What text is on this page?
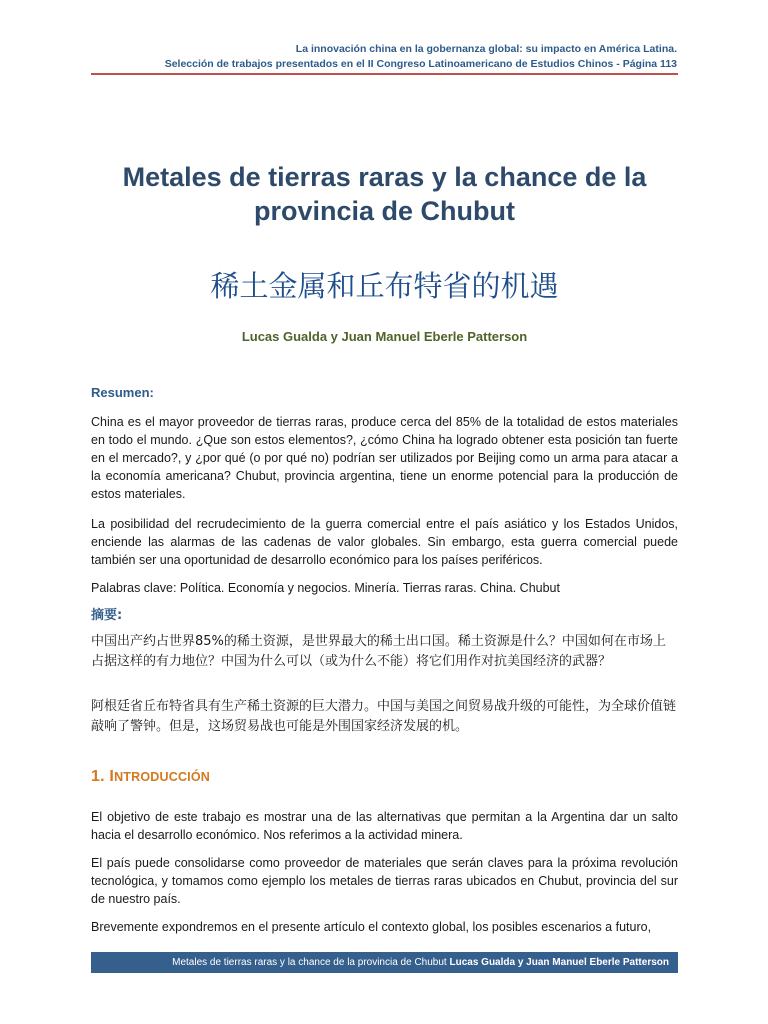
La innovación china en la gobernanza global: su impacto en América Latina.
Selección de trabajos presentados en el II Congreso Latinoamericano de Estudios Chinos - Página 113
Metales de tierras raras y la chance de la
provincia de Chubut
稀土金属和丘布特省的机遇
Lucas Gualda y Juan Manuel Eberle Patterson
Resumen:
China es el mayor proveedor de tierras raras, produce cerca del 85% de la totalidad de estos materiales en todo el mundo. ¿Que son estos elementos?, ¿cómo China ha logrado obtener esta posición tan fuerte en el mercado?, y ¿por qué (o por qué no) podrían ser utilizados por Beijing como un arma para atacar a la economía americana? Chubut, provincia argentina, tiene un enorme potencial para la producción de estos materiales.
La posibilidad del recrudecimiento de la guerra comercial entre el país asiático y los Estados Unidos, enciende las alarmas de las cadenas de valor globales. Sin embargo, esta guerra comercial puede también ser una oportunidad de desarrollo económico para los países periféricos.
Palabras clave: Política. Economía y negocios. Minería. Tierras raras. China. Chubut
摘要:
中国出产约占世界85%的稀土资源，是世界最大的稀土出口国。稀土资源是什么？中国如何在市场上占据这样的有力地位？中国为什么可以（或为什么不能）将它们用作对抗美国经济的武器？
阿根廷省丘布特省具有生产稀土资源的巨大潜力。中国与美国之间贸易战升级的可能性，为全球价值链敲响了警钟。但是，这场贸易战也可能是外围国家经济发展的机。
1. INTRODUCCIÓN
El objetivo de este trabajo es mostrar una de las alternativas que permitan a la Argentina dar un salto hacia el desarrollo económico. Nos referimos a la actividad minera.
El país puede consolidarse como proveedor de materiales que serán claves para la próxima revolución tecnológica, y tomamos como ejemplo los metales de tierras raras ubicados en Chubut, provincia del sur de nuestro país.
Brevemente expondremos en el presente artículo el contexto global, los posibles escenarios a futuro,
Metales de tierras raras y la chance de la provincia de Chubut Lucas Gualda y Juan Manuel Eberle Patterson
